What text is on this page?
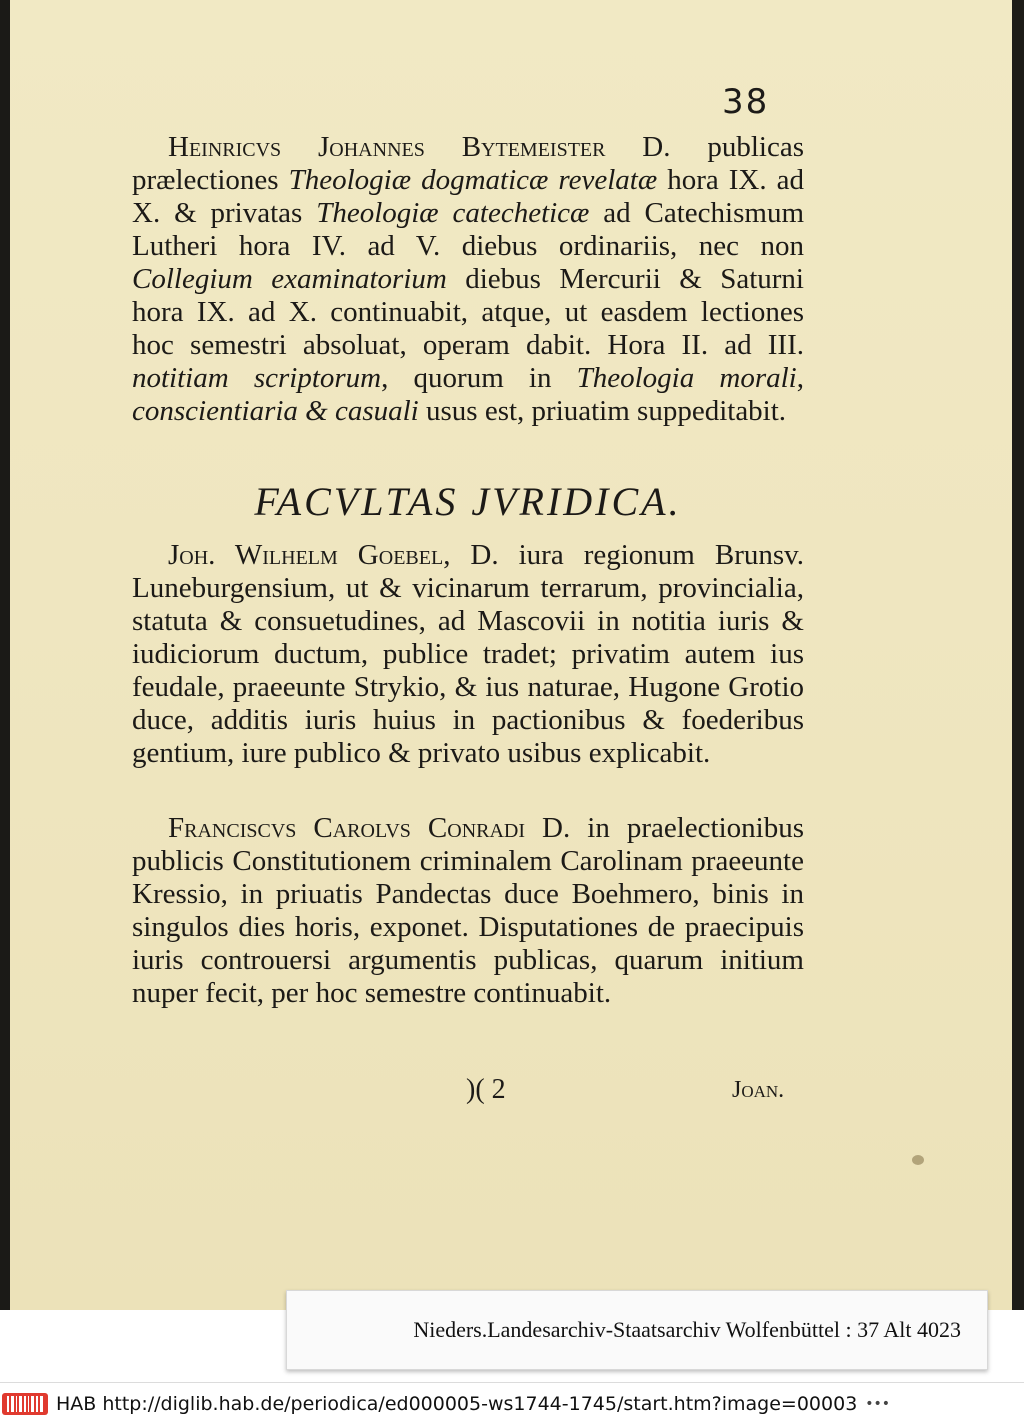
38

Heinricvs Johannes Bytemeister D. publicas prælectiones Theologiæ dogmaticæ revelatæ hora IX. ad X. & privatas Theologiæ catecheticæ ad Catechismum Lutheri hora IV. ad V. diebus ordinariis, nec non Collegium examinatorium diebus Mercurii & Saturni hora IX. ad X. continuabit, atque, ut easdem lectiones hoc semestri absoluat, operam dabit. Hora II. ad III. notitiam scriptorum, quorum in Theologia morali, conscientiaria & casuali usus est, priuatim suppeditabit.

FACVLTAS JVRIDICA.

Joh. Wilhelm Goebel, D. iura regionum Brunsv. Luneburgensium, ut & vicinarum terrarum, provincialia, statuta & consuetudines, ad Mascovii in notitia iuris & iudiciorum ductum, publice tradet; privatim autem ius feudale, praeeunte Strykio, & ius naturae, Hugone Grotio duce, additis iuris huius in pactionibus & foederibus gentium, iure publico & privato usibus explicabit.

Franciscvs Carolvs Conradi D. in praelectionibus publicis Constitutionem criminalem Carolinam praeeunte Kressio, in priuatis Pandectas duce Boehmero, binis in singulos dies horis, exponet. Disputationes de praecipuis iuris controuersi argumentis publicas, quarum initium nuper fecit, per hoc semestre continuabit.

)( 2	Joan.
Nieders.Landesarchiv-Staatsarchiv Wolfenbüttel : 37 Alt 4023
HAB http://diglib.hab.de/periodica/ed000005-ws1744-1745/start.htm?image=00003 •••
